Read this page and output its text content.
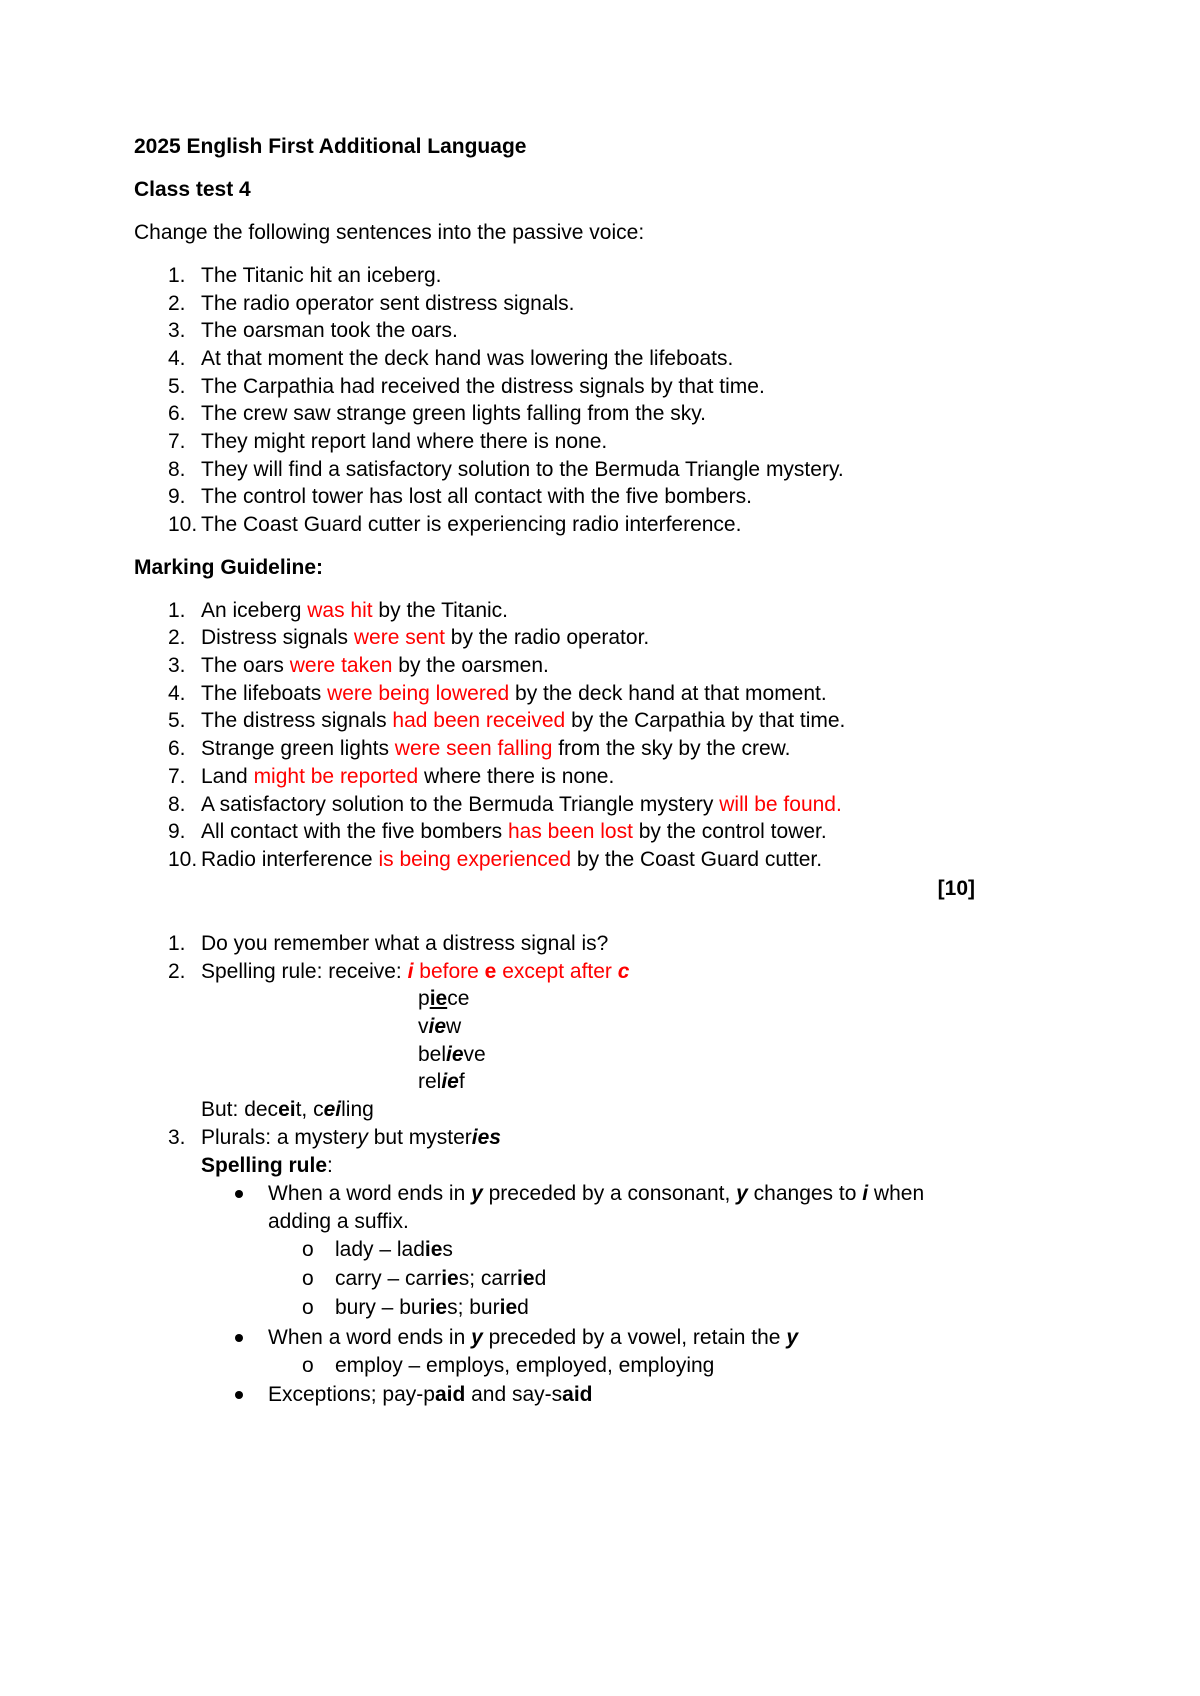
2025 English First Additional Language
Class test 4
Change the following sentences into the passive voice:
1. The Titanic hit an iceberg.
2. The radio operator sent distress signals.
3. The oarsman took the oars.
4. At that moment the deck hand was lowering the lifeboats.
5. The Carpathia had received the distress signals by that time.
6. The crew saw strange green lights falling from the sky.
7. They might report land where there is none.
8. They will find a satisfactory solution to the Bermuda Triangle mystery.
9. The control tower has lost all contact with the five bombers.
10. The Coast Guard cutter is experiencing radio interference.
Marking Guideline:
1. An iceberg was hit by the Titanic.
2. Distress signals were sent by the radio operator.
3. The oars were taken by the oarsmen.
4. The lifeboats were being lowered by the deck hand at that moment.
5. The distress signals had been received by the Carpathia by that time.
6. Strange green lights were seen falling from the sky by the crew.
7. Land might be reported where there is none.
8. A satisfactory solution to the Bermuda Triangle mystery will be found.
9. All contact with the five bombers has been lost by the control tower.
10. Radio interference is being experienced by the Coast Guard cutter.
[10]
1. Do you remember what a distress signal is?
2. Spelling rule: receive: i before e except after c
piece
view
believe
relief
But: deceit, ceiling
3. Plurals: a mystery but mysteries
Spelling rule:
When a word ends in y preceded by a consonant, y changes to i when
adding a suffix.
o lady – ladies
o carry – carries; carried
o bury – buries; buried
When a word ends in y preceded by a vowel, retain the y
o employ – employs, employed, employing
Exceptions; pay-paid and say-said
